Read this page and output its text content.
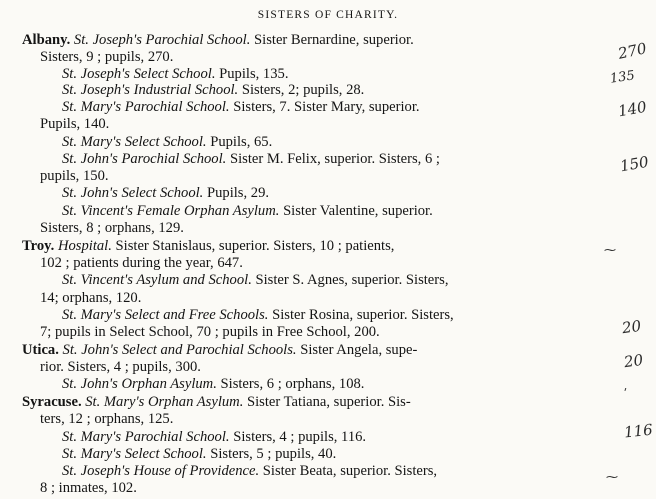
SISTERS OF CHARITY.
Albany. St. Joseph's Parochial School. Sister Bernardine, superior.
Sisters, 9 ; pupils, 270.
St. Joseph's Select School. Pupils, 135.
St. Joseph's Industrial School. Sisters, 2; pupils, 28.
St. Mary's Parochial School. Sisters, 7. Sister Mary, superior.
Pupils, 140.
St. Mary's Select School. Pupils, 65.
St. John's Parochial School. Sister M. Felix, superior. Sisters, 6 ;
pupils, 150.
St. John's Select School. Pupils, 29.
St. Vincent's Female Orphan Asylum. Sister Valentine, superior.
Sisters, 8 ; orphans, 129.
Troy. Hospital. Sister Stanislaus, superior. Sisters, 10 ; patients,
102 ; patients during the year, 647.
St. Vincent's Asylum and School. Sister S. Agnes, superior. Sisters,
14; orphans, 120.
St. Mary's Select and Free Schools. Sister Rosina, superior. Sisters,
7; pupils in Select School, 70 ; pupils in Free School, 200.
Utica. St. John's Select and Parochial Schools. Sister Angela, supe-
rior. Sisters, 4 ; pupils, 300.
St. John's Orphan Asylum. Sisters, 6 ; orphans, 108.
Syracuse. St. Mary's Orphan Asylum. Sister Tatiana, superior. Sis-
ters, 12 ; orphans, 125.
St. Mary's Parochial School. Sisters, 4 ; pupils, 116.
St. Mary's Select School. Sisters, 5 ; pupils, 40.
St. Joseph's House of Providence. Sister Beata, superior. Sisters,
8 ; inmates, 102.
270
135
140
150
20
20
116
⁓
⸴
⁓
